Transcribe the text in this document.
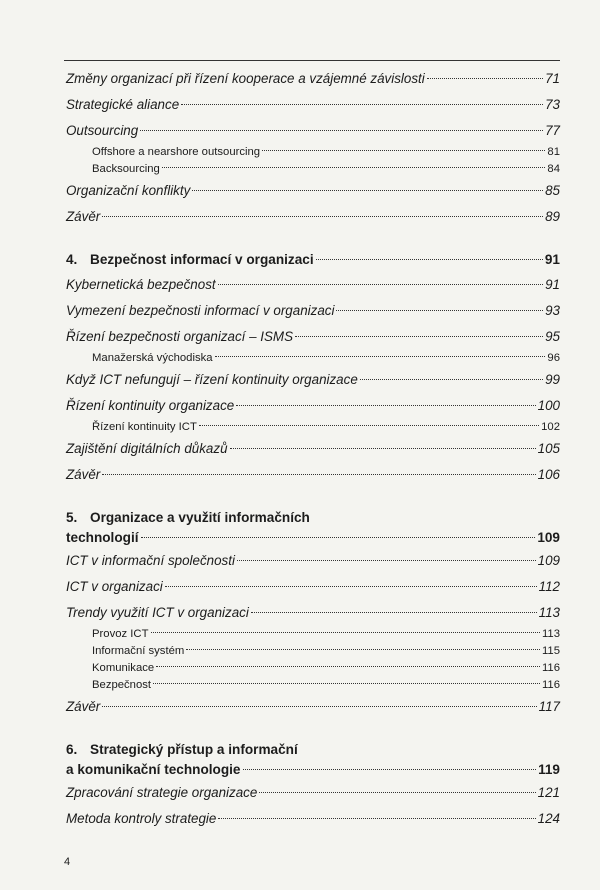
Změny organizací při řízení kooperace a vzájemné závislosti	71
Strategické aliance	73
Outsourcing	77
Offshore a nearshore outsourcing	81
Backsourcing	84
Organizační konflikty	85
Závěr	89
4. Bezpečnost informací v organizaci	91
Kybernetická bezpečnost	91
Vymezení bezpečnosti informací v organizaci	93
Řízení bezpečnosti organizací – ISMS	95
Manažerská východiska	96
Když ICT nefungují – řízení kontinuity organizace	99
Řízení kontinuity organizace	100
Řízení kontinuity ICT	102
Zajištění digitálních důkazů	105
Závěr	106
5. Organizace a využití informačních
technologií	109
ICT v informační společnosti	109
ICT v organizaci	112
Trendy využití ICT v organizaci	113
Provoz ICT	113
Informační systém	115
Komunikace	116
Bezpečnost	116
Závěr	117
6. Strategický přístup a informační
a komunikační technologie	119
Zpracování strategie organizace	121
Metoda kontroly strategie	124
4
